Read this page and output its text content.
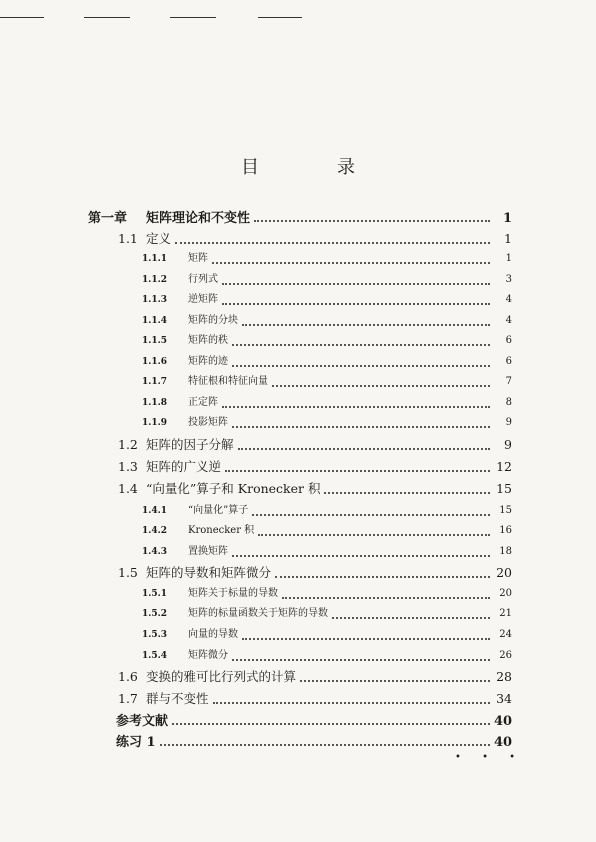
目　录
第一章	矩阵理论和不变性	1
1.1 定义	1
1.1.1	矩阵	1
1.1.2	行列式	3
1.1.3	逆矩阵	4
1.1.4	矩阵的分块	4
1.1.5	矩阵的秩	6
1.1.6	矩阵的迹	6
1.1.7	特征根和特征向量	7
1.1.8	正定阵	8
1.1.9	投影矩阵	9
1.2 矩阵的因子分解	9
1.3 矩阵的广义逆	12
1.4 “向量化”算子和 Kronecker 积	15
1.4.1	“向量化”算子	15
1.4.2	Kronecker 积	16
1.4.3	置换矩阵	18
1.5 矩阵的导数和矩阵微分	20
1.5.1	矩阵关于标量的导数	20
1.5.2	矩阵的标量函数关于矩阵的导数	21
1.5.3	向量的导数	24
1.5.4	矩阵微分	26
1.6 变换的雅可比行列式的计算	28
1.7 群与不变性	34
参考文献	40
练习 1	40
• • •
